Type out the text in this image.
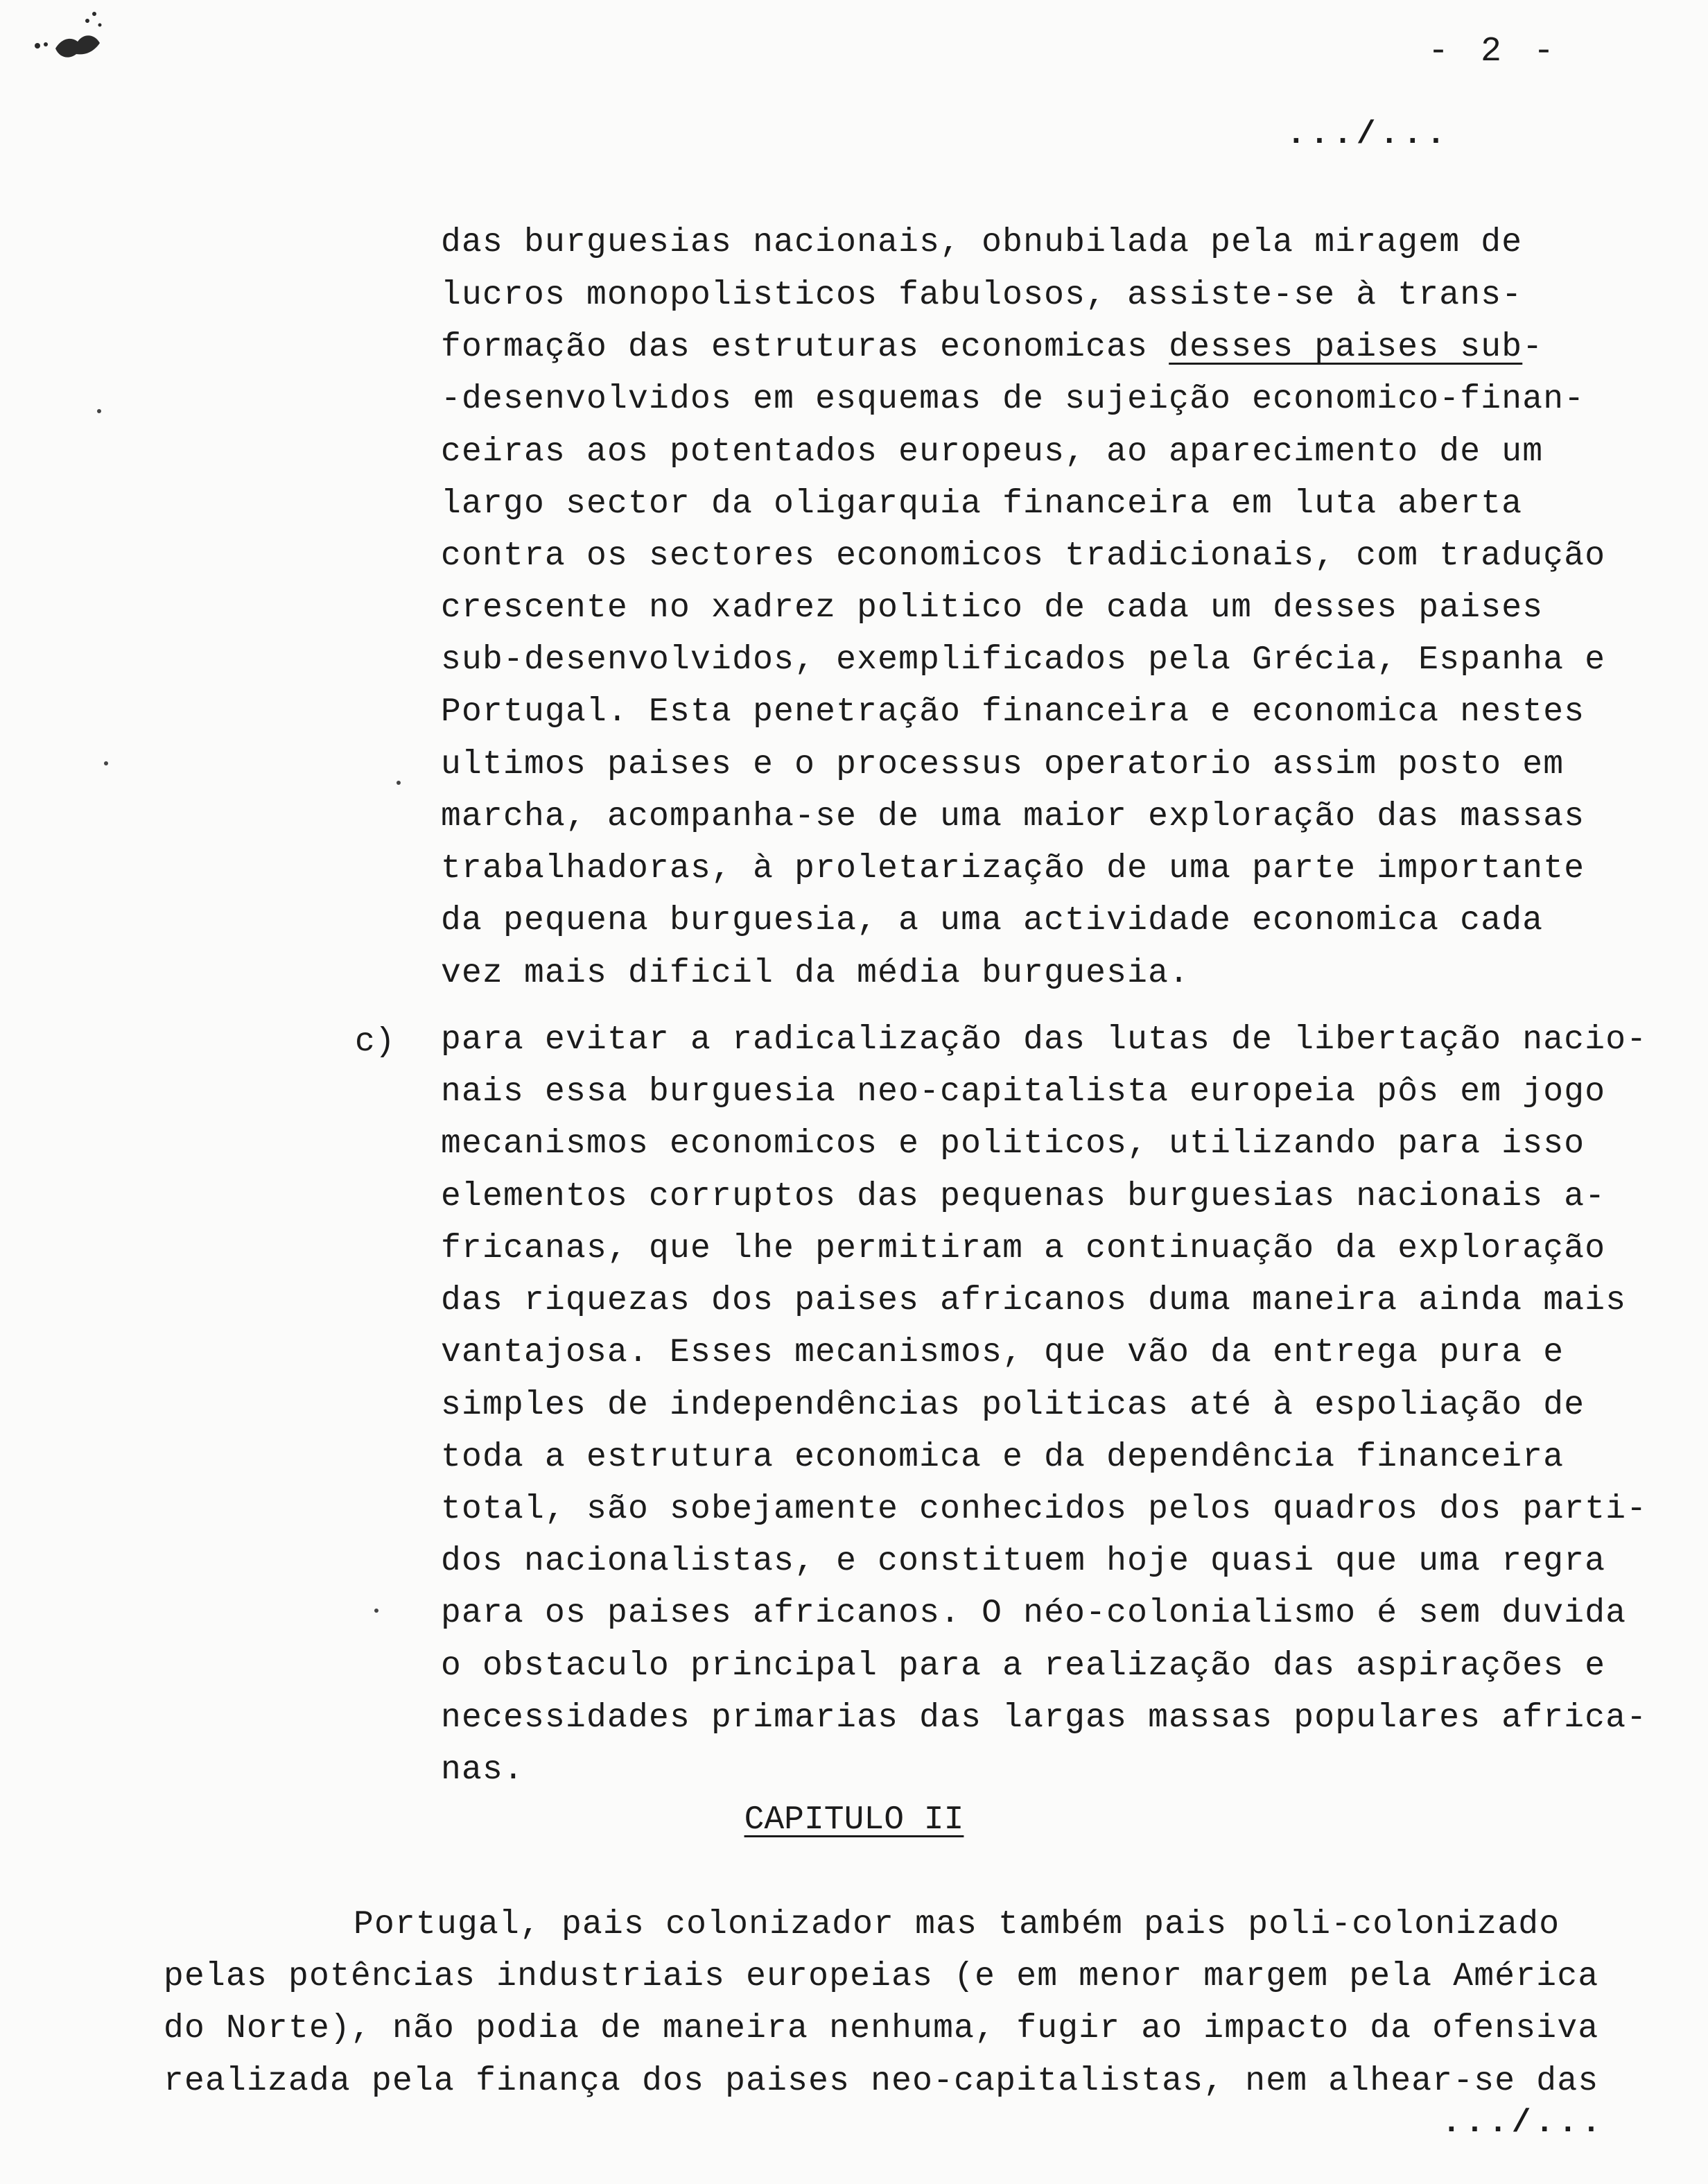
- 2 -
.../...
das burguesias nacionais, obnubilada pela miragem de
lucros monopolisticos fabulosos, assiste-se à trans-
formação das estruturas economicas desses paises sub-
-desenvolvidos em esquemas de sujeição economico-finan-
ceiras aos potentados europeus, ao aparecimento de um
largo sector da oligarquia financeira em luta aberta
contra os sectores economicos tradicionais, com tradução
crescente no xadrez politico de cada um desses paises
sub-desenvolvidos, exemplificados pela Grécia, Espanha e
Portugal. Esta penetração financeira e economica nestes
ultimos paises e o processus operatorio assim posto em
marcha, acompanha-se de uma maior exploração das massas
trabalhadoras, à proletarização de uma parte importante
da pequena burguesia, a uma actividade economica cada
vez mais dificil da média burguesia.
c) para evitar a radicalização das lutas de libertação nacio-
nais essa burguesia neo-capitalista europeia pôs em jogo
mecanismos economicos e politicos, utilizando para isso
elementos corruptos das pequenas burguesias nacionais a-
fricanas, que lhe permitiram a continuação da exploração
das riquezas dos paises africanos duma maneira ainda mais
vantajosa. Esses mecanismos, que vão da entrega pura e
simples de independências politicas até à espoliação de
toda a estrutura economica e da dependência financeira
total, são sobejamente conhecidos pelos quadros dos parti-
dos nacionalistas, e constituem hoje quasi que uma regra
para os paises africanos. O néo-colonialismo é sem duvida
o obstaculo principal para a realização das aspirações e
necessidades primarias das largas massas populares africa-
nas.
CAPITULO II
Portugal, pais colonizador mas também pais poli-colonizado
pelas potências industriais europeias (e em menor margem pela América
do Norte), não podia de maneira nenhuma, fugir ao impacto da ofensiva
realizada pela finança dos paises neo-capitalistas, nem alhear-se das
.../...
